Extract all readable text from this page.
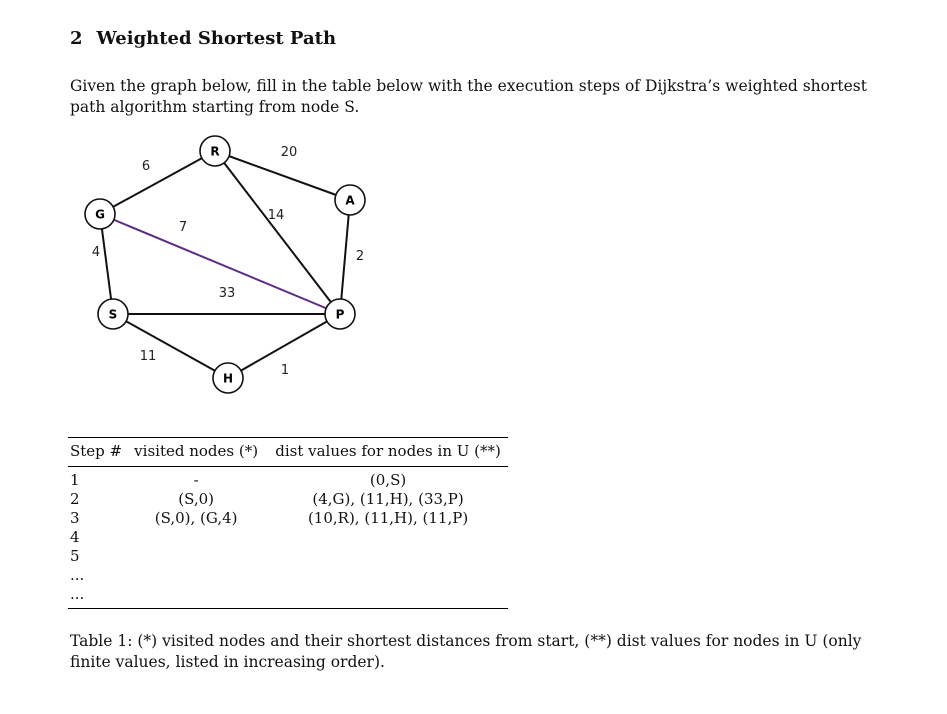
2 Weighted Shortest Path

Given the graph below, fill in the table below with the execution steps of Dijkstra’s weighted shortest path algorithm starting from node S.

6
20
14
7
2
4
33
11
1
R
A
G
S	P
H
Step #	visited nodes (*)	dist values for nodes in U (**)
1	-	(0,S)
2	(S,0)	(4,G), (11,H), (33,P)
3	(S,0), (G,4)	(10,R), (11,H), (11,P)
4		
5		
...		
...		

Table 1: (*) visited nodes and their shortest distances from start, (**) dist values for nodes in U (only finite values, listed in increasing order).
